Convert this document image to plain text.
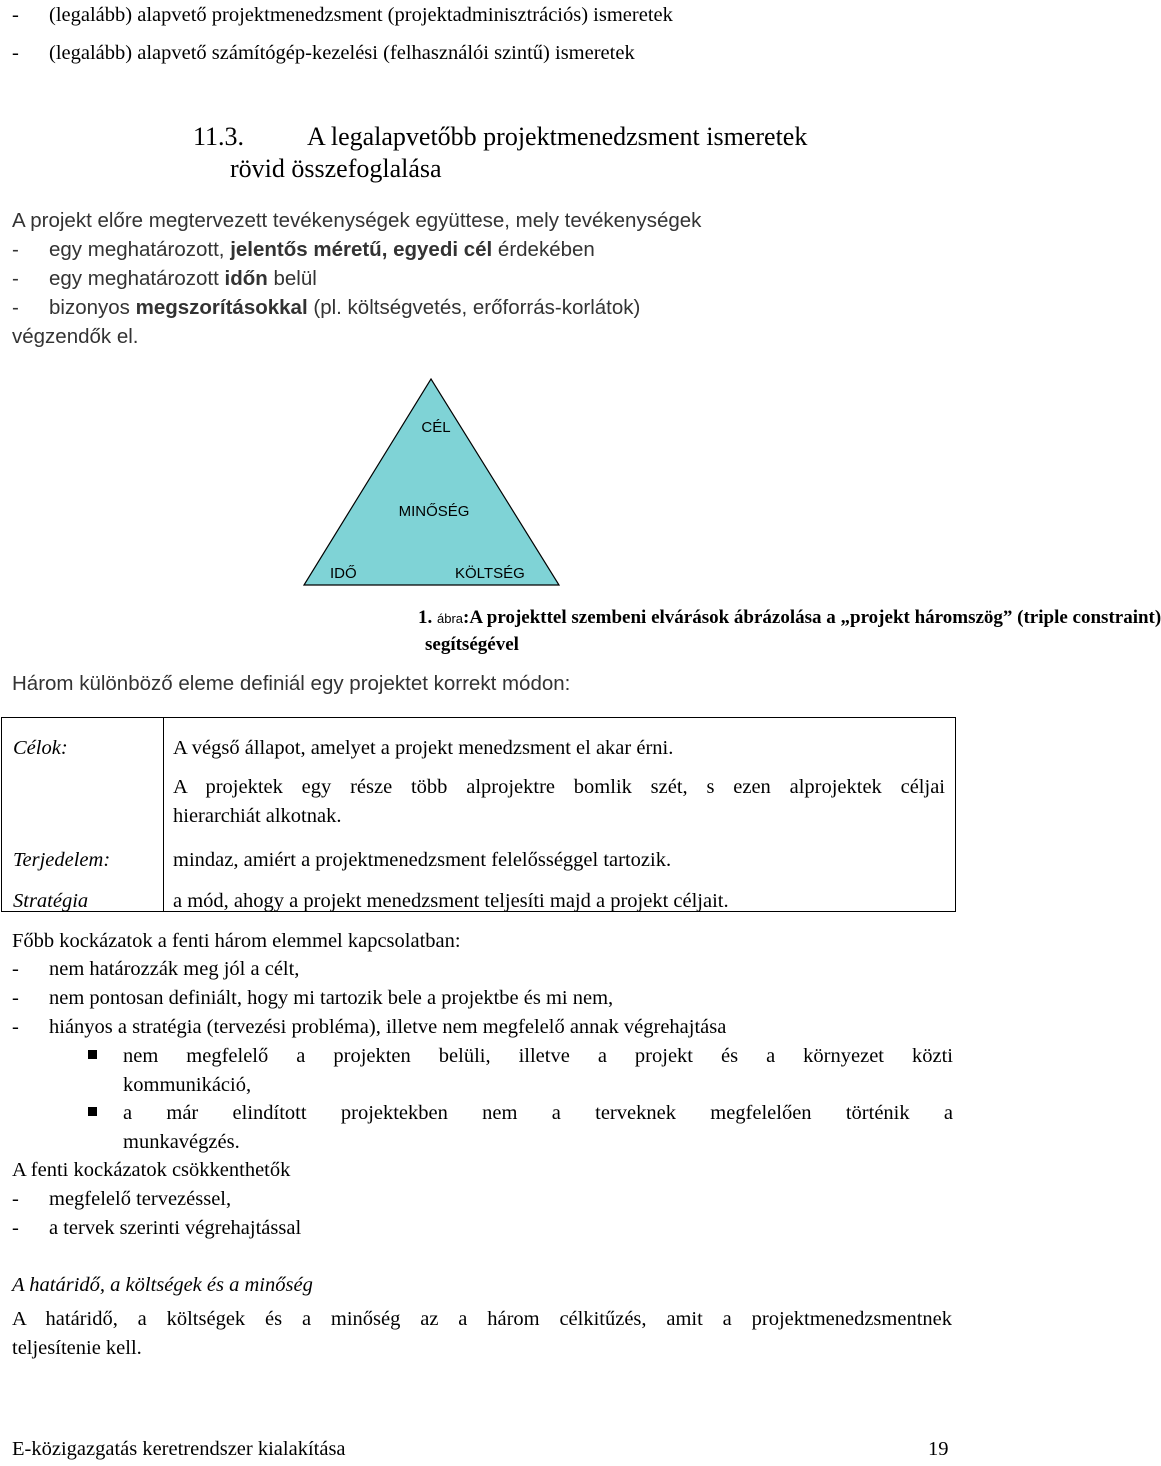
- (legalább) alapvető projektmenedzsment (projektadminisztrációs) ismeretek
- (legalább) alapvető számítógép-kezelési (felhasználói szintű) ismeretek
11.3. A legalapvetőbb projektmenedzsment ismeretek
rövid összefoglalása
A projekt előre megtervezett tevékenységek együttese, mely tevékenységek
- egy meghatározott, jelentős méretű, egyedi cél érdekében
- egy meghatározott időn belül
- bizonyos megszorításokkal (pl. költségvetés, erőforrás-korlátok)
végzendők el.
CÉL
MINŐSÉG
IDŐ	KÖLTSÉG
1. ábra:A projekttel szembeni elvárások ábrázolása a „projekt háromszög” (triple constraint)
segítségével
Három különböző eleme definiál egy projektet korrekt módon:
Célok:	A végső állapot, amelyet a projekt menedzsment el akar érni.
A projektek egy része több alprojektre bomlik szét, s ezen alprojektek céljai
hierarchiát alkotnak.
Terjedelem:	mindaz, amiért a projektmenedzsment felelősséggel tartozik.
Stratégia	a mód, ahogy a projekt menedzsment teljesíti majd a projekt céljait.
Főbb kockázatok a fenti három elemmel kapcsolatban:
- nem határozzák meg jól a célt,
- nem pontosan definiált, hogy mi tartozik bele a projektbe és mi nem,
- hiányos a stratégia (tervezési probléma), illetve nem megfelelő annak végrehajtása
nem megfelelő a projekten belüli, illetve a projekt és a környezet közti
kommunikáció,
a már elindított projektekben nem a terveknek megfelelően történik a
munkavégzés.
A fenti kockázatok csökkenthetők
- megfelelő tervezéssel,
- a tervek szerinti végrehajtással
A határidő, a költségek és a minőség
A határidő, a költségek és a minőség az a három célkitűzés, amit a projektmenedzsmentnek
teljesítenie kell.
E-közigazgatás keretrendszer kialakítása	19
